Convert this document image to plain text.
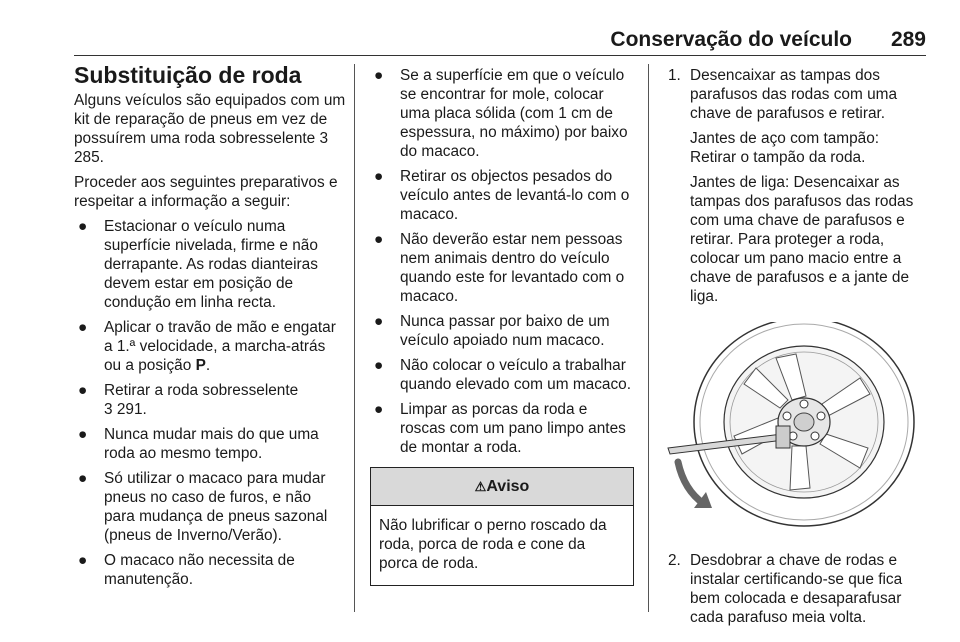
Conservação do veículo 289
Substituição de roda

Alguns veículos são equipados com um kit de reparação de pneus em vez de possuírem uma roda sobresselente 3 285.

Proceder aos seguintes preparativos e respeitar a informação a seguir:

● Estacionar o veículo numa superfície nivelada, firme e não derrapante. As rodas dianteiras devem estar em posição de condução em linha recta.
● Aplicar o travão de mão e engatar a 1.ª velocidade, a marcha-atrás ou a posição P.
● Retirar a roda sobresselente
3 291.
● Nunca mudar mais do que uma roda ao mesmo tempo.
● Só utilizar o macaco para mudar pneus no caso de furos, e não para mudança de pneus sazonal (pneus de Inverno/Verão).
● O macaco não necessita de manutenção.
● Se a superfície em que o veículo se encontrar for mole, colocar uma placa sólida (com 1 cm de espessura, no máximo) por baixo do macaco.
● Retirar os objectos pesados do veículo antes de levantá-lo com o macaco.
● Não deverão estar nem pessoas nem animais dentro do veículo quando este for levantado com o macaco.
● Nunca passar por baixo de um veículo apoiado num macaco.
● Não colocar o veículo a trabalhar quando elevado com um macaco.
● Limpar as porcas da roda e roscas com um pano limpo antes de montar a roda.
⚠Aviso
Não lubrificar o perno roscado da roda, porca de roda e cone da porca de roda.
1. Desencaixar as tampas dos parafusos das rodas com uma chave de parafusos e retirar.

Jantes de aço com tampão: Retirar o tampão da roda.

Jantes de liga: Desencaixar as tampas dos parafusos das rodas com uma chave de parafusos e retirar. Para proteger a roda, colocar um pano macio entre a chave de parafusos e a jante de liga.

2. Desdobrar a chave de rodas e instalar certificando-se que fica bem colocada e desaparafusar cada parafuso meia volta.
